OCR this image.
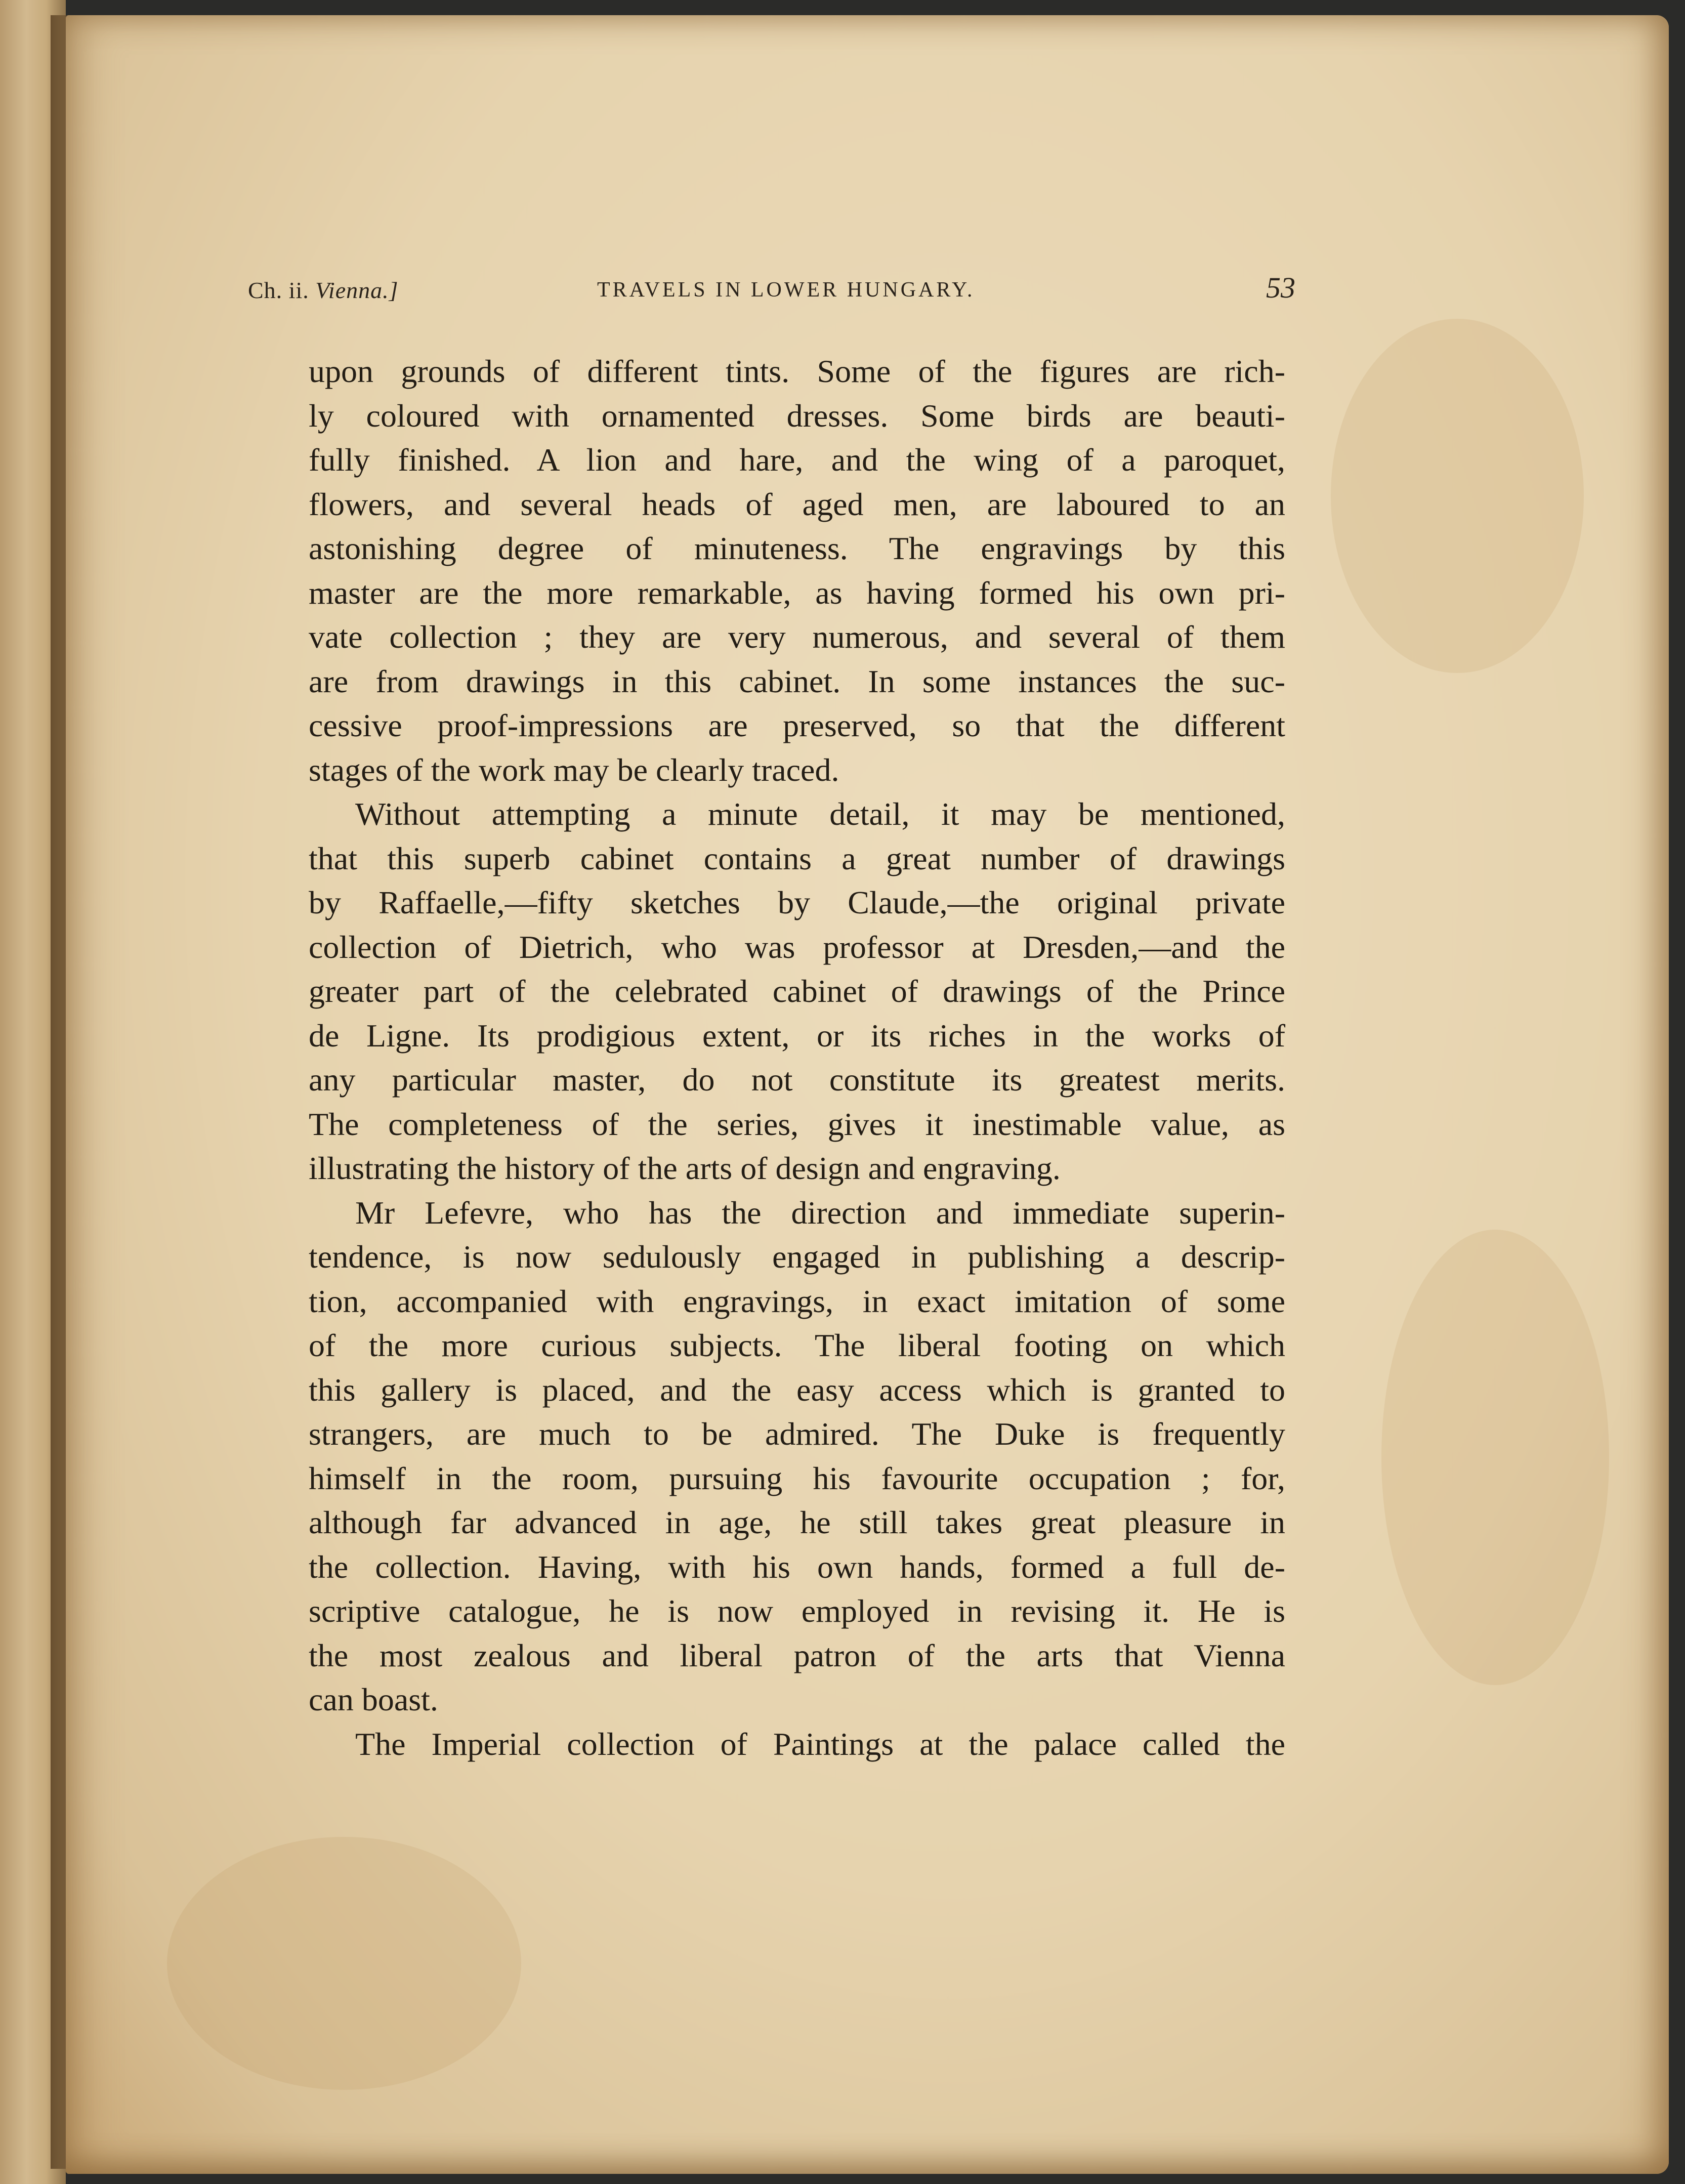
Ch. ii. Vienna.]	TRAVELS IN LOWER HUNGARY.	53
upon grounds of different tints. Some of the figures are rich-
ly coloured with ornamented dresses. Some birds are beauti-
fully finished. A lion and hare, and the wing of a paroquet,
flowers, and several heads of aged men, are laboured to an
astonishing degree of minuteness. The engravings by this
master are the more remarkable, as having formed his own pri-
vate collection ; they are very numerous, and several of them
are from drawings in this cabinet. In some instances the suc-
cessive proof-impressions are preserved, so that the different
stages of the work may be clearly traced.
Without attempting a minute detail, it may be mentioned,
that this superb cabinet contains a great number of drawings
by Raffaelle,—fifty sketches by Claude,—the original private
collection of Dietrich, who was professor at Dresden,—and the
greater part of the celebrated cabinet of drawings of the Prince
de Ligne. Its prodigious extent, or its riches in the works of
any particular master, do not constitute its greatest merits.
The completeness of the series, gives it inestimable value, as
illustrating the history of the arts of design and engraving.
Mr Lefevre, who has the direction and immediate superin-
tendence, is now sedulously engaged in publishing a descrip-
tion, accompanied with engravings, in exact imitation of some
of the more curious subjects. The liberal footing on which
this gallery is placed, and the easy access which is granted to
strangers, are much to be admired. The Duke is frequently
himself in the room, pursuing his favourite occupation ; for,
although far advanced in age, he still takes great pleasure in
the collection. Having, with his own hands, formed a full de-
scriptive catalogue, he is now employed in revising it. He is
the most zealous and liberal patron of the arts that Vienna
can boast.
The Imperial collection of Paintings at the palace called the
